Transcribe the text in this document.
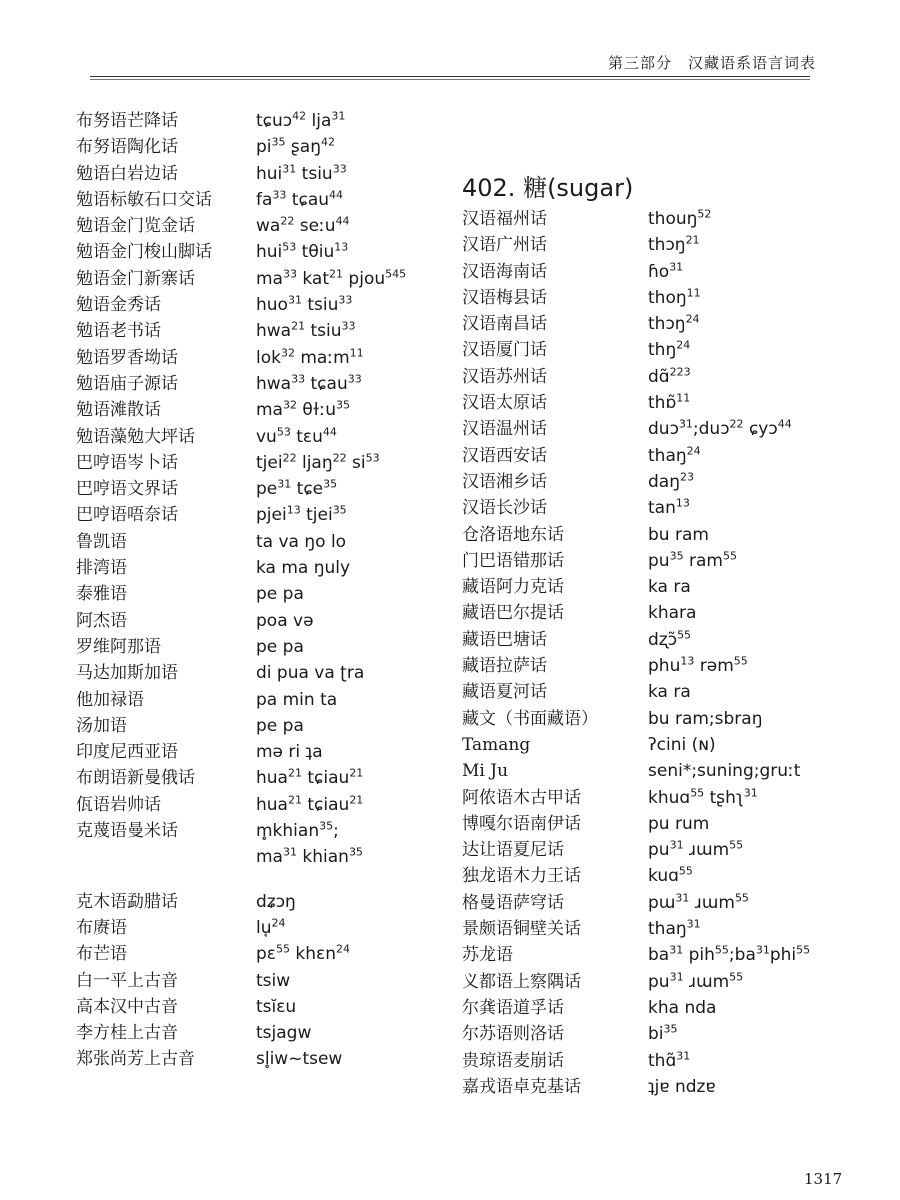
第三部分　汉藏语系语言词表
402. 糖(sugar)
布努语芒降话	tɕuɔ$^{42}$ lja$^{31}$
布努语陶化话	$pi^{35}$ ʂaŋ$^{42}$
勉语白岩边话	hui$^{31}$ tsiu$^{33}$
勉语标敏石口交话	$fa^{33}$ tɕau$^{44}$
勉语金门览金话	$wa^{22}$ seːu$^{44}$
勉语金门梭山脚话	hui$^{53}$ tθiu$^{13}$
勉语金门新寨话	$ma^{33}$ kat$^{21}$ pjou$^{545}$
勉语金秀话	huo$^{31}$ tsiu$^{33}$
勉语老书话	hwa$^{21}$ tsiu$^{33}$
勉语罗香坳话	lok$^{32}$ maːm$^{11}$
勉语庙子源话	hwa$^{33}$ tɕau$^{33}$
勉语滩散话	$ma^{32}$ θɫːu$^{35}$
勉语藻勉大坪话	$vu^{53}$ tɛu$^{44}$
巴哼语岑卜话	tjei$^{22}$ ljaŋ$^{22}$ $si^{53}$
巴哼语文界话	$pe^{31}$ tɕe$^{35}$
巴哼语唔奈话	pjei$^{13}$ tjei$^{35}$
鲁凯语	ta va ŋo lo
排湾语	ka ma ŋuly
泰雅语	pe pa
阿杰语	poa və
罗维阿那语	pe pa
马达加斯加语	di pua va ʈra
他加禄语	pa min ta
汤加语	pe pa
印度尼西亚语	mə ri ʇa
布朗语新曼俄话	hua$^{21}$ tɕiau$^{21}$
佤语岩帅话	hua$^{21}$ tɕiau$^{21}$
克蔑语曼米话	m̥khian$^{35}$;
$ma^{31}$ khian$^{35}$
克木语勐腊话	dʑɔŋ
布赓语	lu̘$^{24}$
布芒语	pɛ$^{55}$ khɛn$^{24}$
白一平上古音	tsiw
高本汉中古音	tsĭɛu
李方桂上古音	tsjagw
郑张尚芳上古音	sl̥iw~tsew
汉语福州话	thouŋ$^{52}$
汉语广州话	thɔŋ$^{21}$
汉语海南话	ɦo$^{31}$
汉语梅县话	thoŋ$^{11}$
汉语南昌话	thɔŋ$^{24}$
汉语厦门话	thŋ$^{24}$
汉语苏州话	dɑ̃$^{223}$
汉语太原话	thɒ̃$^{11}$
汉语温州话	duɔ$^{31}$;duɔ$^{22}$ ɕyɔ$^{44}$
汉语西安话	thaŋ$^{24}$
汉语湘乡话	daŋ$^{23}$
汉语长沙话	$\tan^{13}$
仓洛语地东话	bu ram
门巴语错那话	$pu^{35}$ ram$^{55}$
藏语阿力克话	ka ra
藏语巴尔提话	khara
藏语巴塘话	dʐɔ̃$^{55}$
藏语拉萨话	phu$^{13}$ rəm$^{55}$
藏语夏河话	ka ra
藏文（书面藏语）	bu ram;sbraŋ
Tamang	ʔcini (ɴ)
Mi Ju	seni*;suning;gruːt
阿侬语木古甲话	khuɑ$^{55}$ tʂhʅ$^{31}$
博嘎尔语南伊话	pu rum
达让语夏尼话	$pu^{31}$ ɹɯm$^{55}$
独龙语木力王话	kuɑ$^{55}$
格曼语萨穹话	pɯ$^{31}$ ɹɯm$^{55}$
景颇语铜壁关话	thaŋ$^{31}$
苏龙语	$ba^{31}$ $pih^{55};ba^{31}phi^{55}$
义都语上察隅话	$pu^{31}$ ɹɯm$^{55}$
尔龚语道孚话	kha nda
尔苏语则洛话	$bi^{35}$
贵琼语麦崩话	thɑ̃$^{31}$
嘉戎语卓克基话	ʇjɐ ndzɐ
1317
